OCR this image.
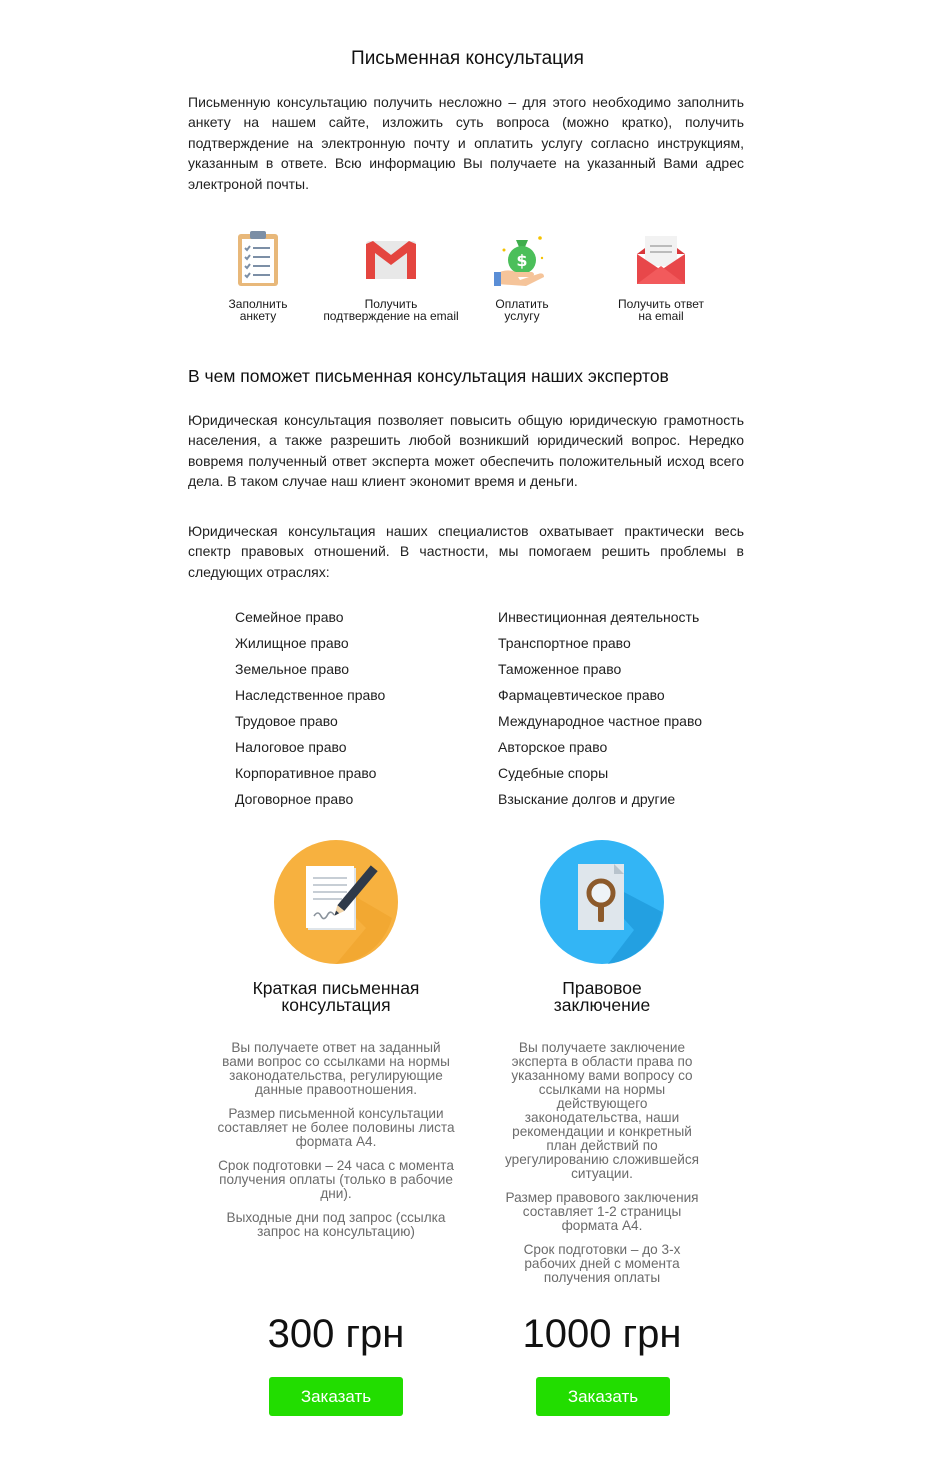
Письменная консультация
Письменную консультацию получить несложно – для этого необходимо заполнить анкету на нашем сайте, изложить суть вопроса (можно кратко), получить подтверждение на электронную почту и оплатить услугу согласно инструкциям, указанным в ответе. Всю информацию Вы получаете на указанный Вами адрес электроной почты.
Заполнить анкету
Получить подтверждение на email
$
Оплатить услугу
Получить ответ на email
В чем поможет письменная консультация наших экспертов
Юридическая консультация позволяет повысить общую юридическую грамотность населения, а также разрешить любой возникший юридический вопрос. Нередко вовремя полученный ответ эксперта может обеспечить положительный исход всего дела. В таком случае наш клиент экономит время и деньги.
Юридическая консультация наших специалистов охватывает практически весь спектр правовых отношений. В частности, мы помогаем решить проблемы в следующих отраслях:
Семейное право
Жилищное право
Земельное право
Наследственное право
Трудовое право
Налоговое право
Корпоративное право
Договорное право
Инвестиционная деятельность
Транспортное право
Таможенное право
Фармацевтическое право
Международное частное право
Авторское право
Судебные споры
Взыскание долгов и другие
Краткая письменная
консультация

Вы получаете ответ на заданный вами вопрос со ссылками на нормы законодательства, регулирующие данные правоотношения.

Размер письменной консультации составляет не более половины листа формата А4.

Срок подготовки – 24 часа с момента получения оплаты (только в рабочие дни).

Выходные дни под запрос (ссылка запрос на консультацию)

Правовое
заключение

Вы получаете заключение эксперта в области права по указанному вами вопросу со ссылками на нормы действующего законодательства, наши рекомендации и конкретный план действий по урегулированию сложившейся ситуации.

Размер правового заключения составляет 1-2 страницы формата А4.

Срок подготовки – до 3-х рабочих дней с момента получения оплаты

300 грн	1000 грн
Заказать	Заказать
